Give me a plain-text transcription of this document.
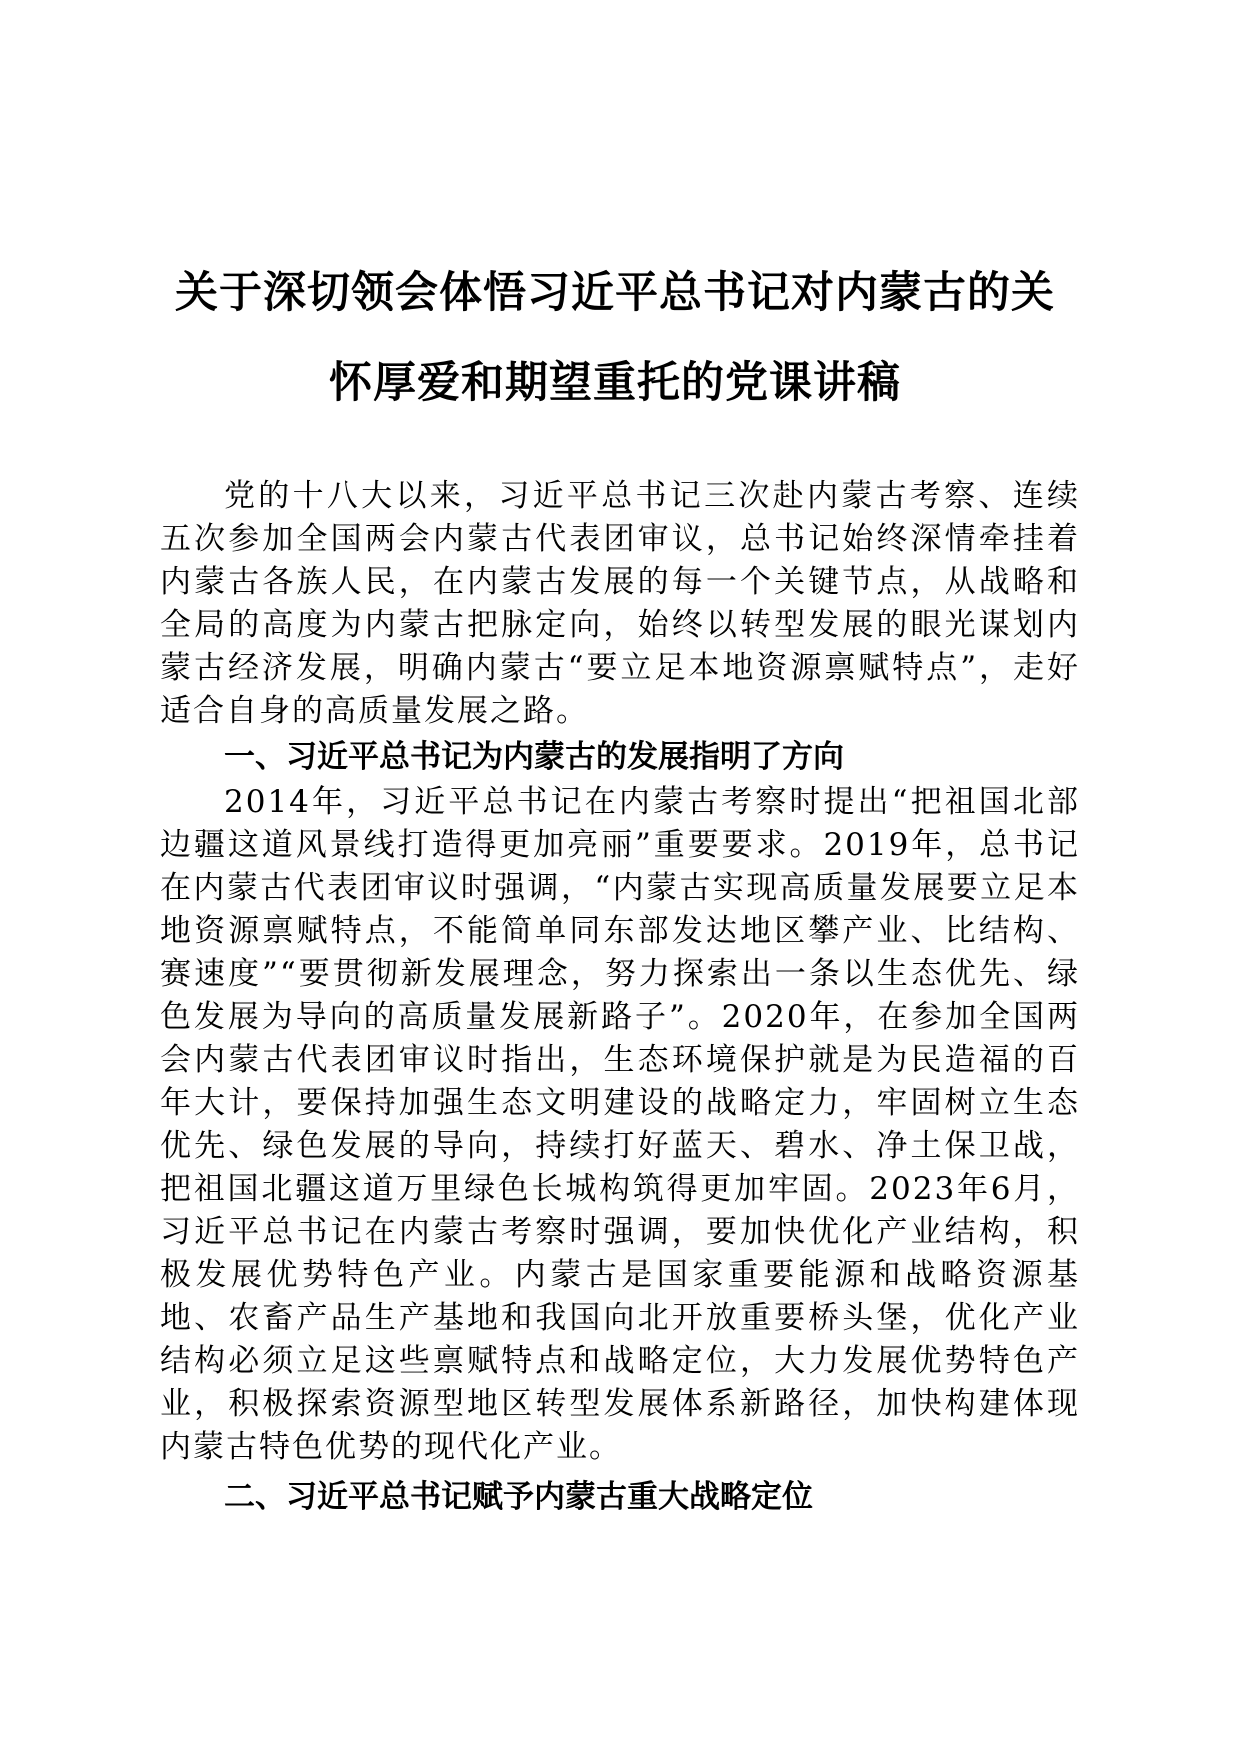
关于深切领会体悟习近平总书记对内蒙古的关
怀厚爱和期望重托的党课讲稿

党的十八大以来，习近平总书记三次赴内蒙古考察、连续五次参加全国两会内蒙古代表团审议，总书记始终深情牵挂着内蒙古各族人民，在内蒙古发展的每一个关键节点，从战略和全局的高度为内蒙古把脉定向，始终以转型发展的眼光谋划内蒙古经济发展，明确内蒙古“要立足本地资源禀赋特点”，走好适合自身的高质量发展之路。

一、习近平总书记为内蒙古的发展指明了方向

2014年，习近平总书记在内蒙古考察时提出“把祖国北部边疆这道风景线打造得更加亮丽”重要要求。2019年，总书记在内蒙古代表团审议时强调，“内蒙古实现高质量发展要立足本地资源禀赋特点，不能简单同东部发达地区攀产业、比结构、赛速度”“要贯彻新发展理念，努力探索出一条以生态优先、绿色发展为导向的高质量发展新路子”。2020年，在参加全国两会内蒙古代表团审议时指出，生态环境保护就是为民造福的百年大计，要保持加强生态文明建设的战略定力，牢固树立生态优先、绿色发展的导向，持续打好蓝天、碧水、净土保卫战，把祖国北疆这道万里绿色长城构筑得更加牢固。2023年6月，习近平总书记在内蒙古考察时强调，要加快优化产业结构，积极发展优势特色产业。内蒙古是国家重要能源和战略资源基地、农畜产品生产基地和我国向北开放重要桥头堡，优化产业结构必须立足这些禀赋特点和战略定位，大力发展优势特色产业，积极探索资源型地区转型发展体系新路径，加快构建体现内蒙古特色优势的现代化产业。

二、习近平总书记赋予内蒙古重大战略定位
